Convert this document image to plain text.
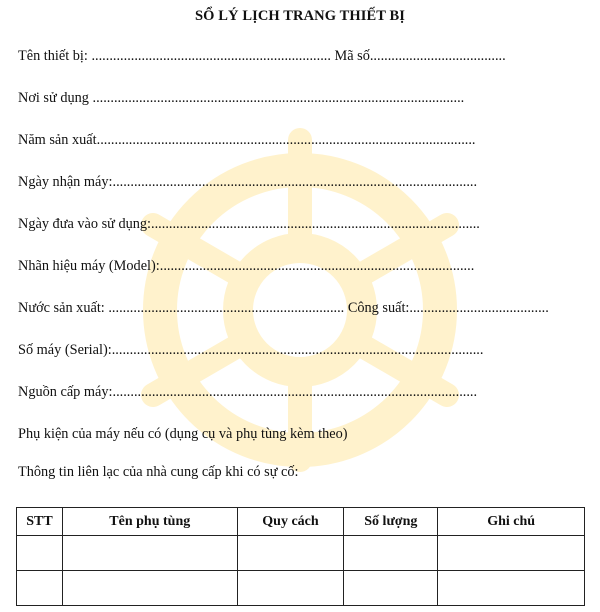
SỔ LÝ LỊCH TRANG THIẾT BỊ
Tên thiết bị: ................................................................... Mã số......................................
Nơi sử dụng ........................................................................................................
Năm sản xuất..........................................................................................................
Ngày nhận máy:......................................................................................................
Ngày đưa vào sử dụng:............................................................................................
Nhãn hiệu máy (Model):........................................................................................
Nước sản xuất: .................................................................. Công suất:.......................................
Số máy (Serial):........................................................................................................
Nguồn cấp máy:......................................................................................................
Phụ kiện của máy nếu có (dụng cụ và phụ tùng kèm theo)
Thông tin liên lạc của nhà cung cấp khi có sự cố:
STT	Tên phụ tùng	Quy cách	Số lượng	Ghi chú
